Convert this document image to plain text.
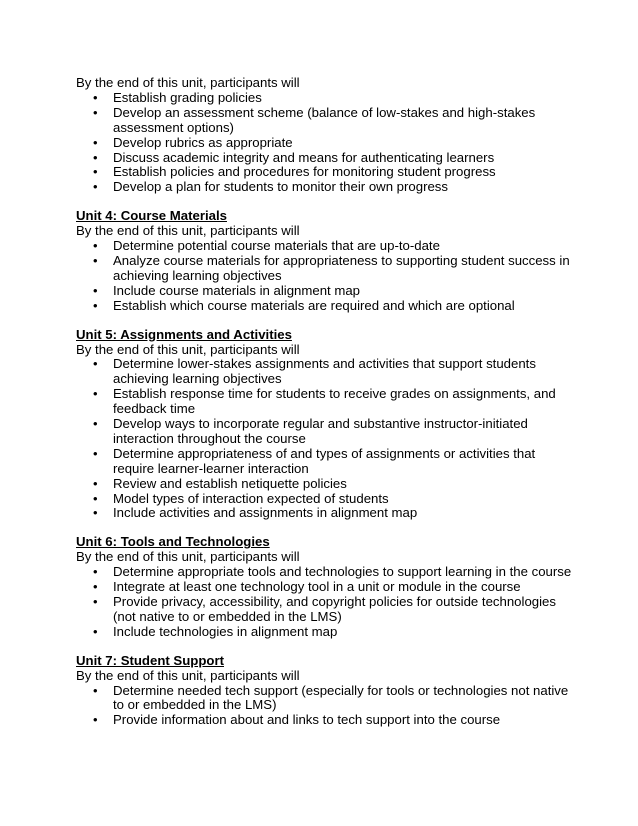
By the end of this unit, participants will

•	Establish grading policies
•	Develop an assessment scheme (balance of low-stakes and high-stakes assessment options)
•	Develop rubrics as appropriate
•	Discuss academic integrity and means for authenticating learners
•	Establish policies and procedures for monitoring student progress
•	Develop a plan for students to monitor their own progress

Unit 4: Course Materials

By the end of this unit, participants will

•	Determine potential course materials that are up-to-date
•	Analyze course materials for appropriateness to supporting student success in achieving learning objectives
•	Include course materials in alignment map
•	Establish which course materials are required and which are optional

Unit 5: Assignments and Activities

By the end of this unit, participants will

•	Determine lower-stakes assignments and activities that support students achieving learning objectives
•	Establish response time for students to receive grades on assignments, and feedback time
•	Develop ways to incorporate regular and substantive instructor-initiated interaction throughout the course
•	Determine appropriateness of and types of assignments or activities that require learner-learner interaction
•	Review and establish netiquette policies
•	Model types of interaction expected of students
•	Include activities and assignments in alignment map

Unit 6: Tools and Technologies

By the end of this unit, participants will

•	Determine appropriate tools and technologies to support learning in the course
•	Integrate at least one technology tool in a unit or module in the course
•	Provide privacy, accessibility, and copyright policies for outside technologies (not native to or embedded in the LMS)
•	Include technologies in alignment map

Unit 7: Student Support

By the end of this unit, participants will

•	Determine needed tech support (especially for tools or technologies not native to or embedded in the LMS)
•	Provide information about and links to tech support into the course
